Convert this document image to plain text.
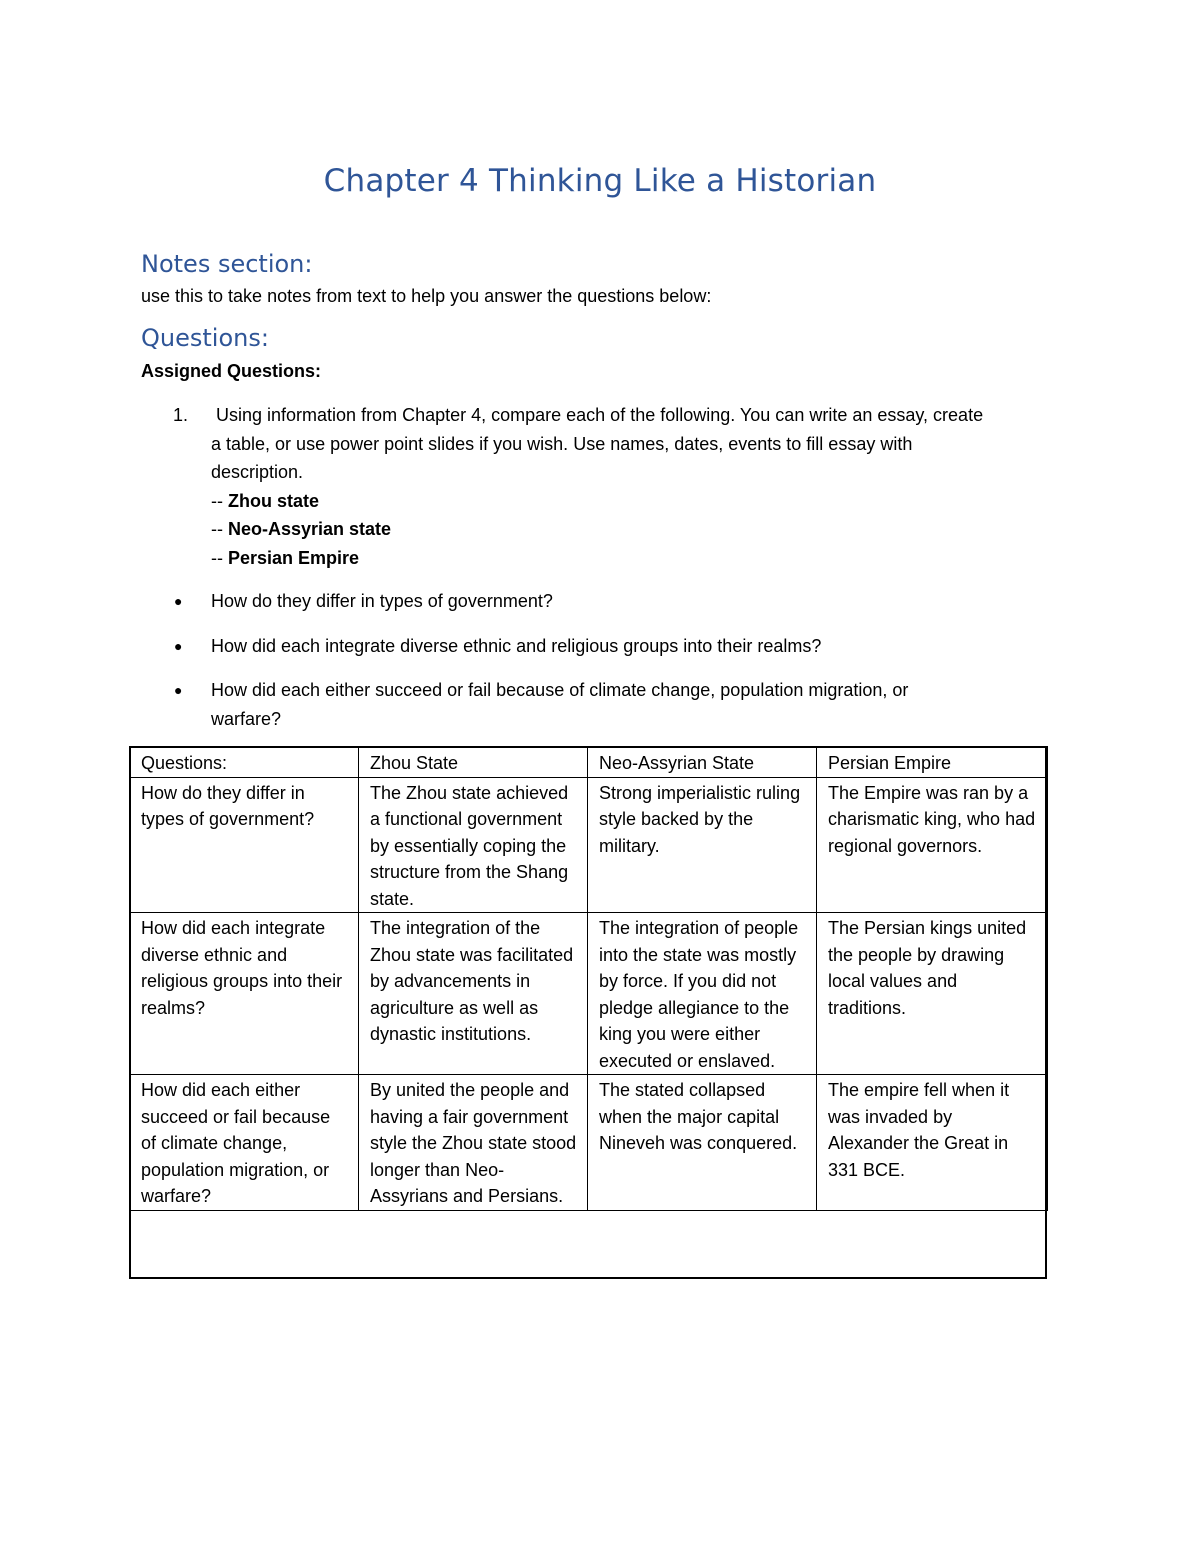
Chapter 4 Thinking Like a Historian
Notes section:
use this to take notes from text to help you answer the questions below:
Questions:
Assigned Questions:
1. Using information from Chapter 4, compare each of the following. You can write an essay, create
a table, or use power point slides if you wish. Use names, dates, events to fill essay with
description.
-- Zhou state
-- Neo-Assyrian state
-- Persian Empire
● How do they differ in types of government?
● How did each integrate diverse ethnic and religious groups into their realms?
● How did each either succeed or fail because of climate change, population migration, or
warfare?
Questions:	Zhou State	Neo-Assyrian State	Persian Empire
How do they differ in types of government?	The Zhou state achieved a functional government by essentially coping the structure from the Shang state.	Strong imperialistic ruling style backed by the military.	The Empire was ran by a charismatic king, who had regional governors.
How did each integrate diverse ethnic and religious groups into their realms?	The integration of the Zhou state was facilitated by advancements in agriculture as well as dynastic institutions.	The integration of people into the state was mostly by force. If you did not pledge allegiance to the king you were either executed or enslaved.	The Persian kings united the people by drawing local values and traditions.
How did each either succeed or fail because of climate change, population migration, or warfare?	By united the people and having a fair government style the Zhou state stood longer than Neo-Assyrians and Persians.	The stated collapsed when the major capital Nineveh was conquered.	The empire fell when it was invaded by Alexander the Great in 331 BCE.
